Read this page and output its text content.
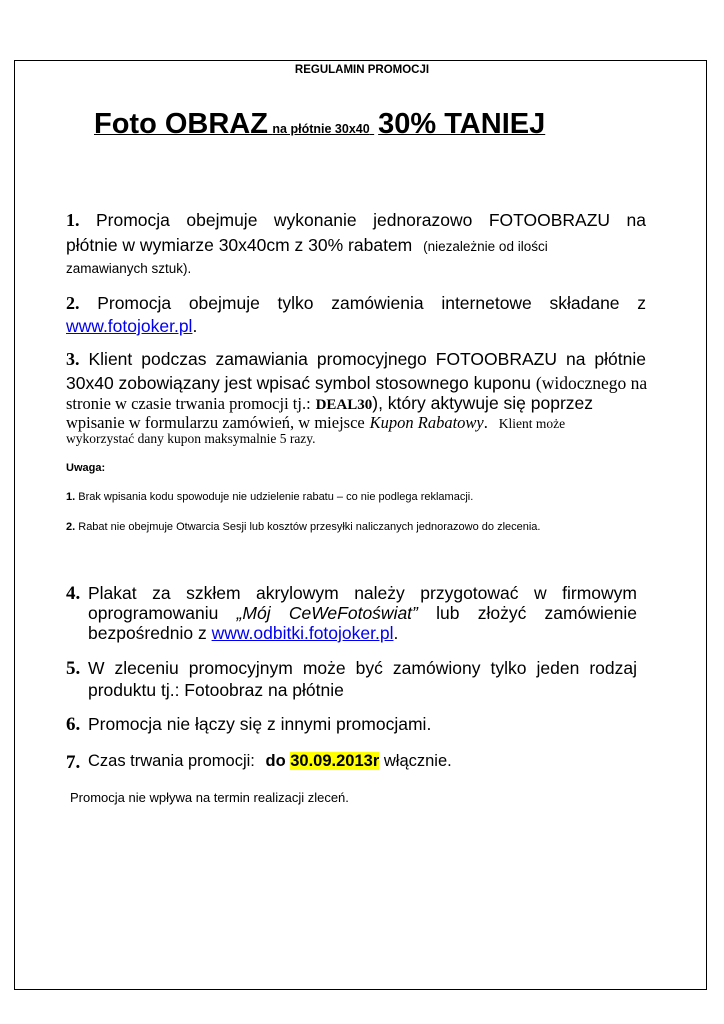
REGULAMIN PROMOCJI
Foto OBRAZ na płótnie 30x40 30% TANIEJ
1. Promocja obejmuje wykonanie jednorazowo FOTOOBRAZU na
płótnie w wymiarze 30x40cm z 30% rabatem (niezależnie od ilości
zamawianych sztuk).
2. Promocja obejmuje tylko zamówienia internetowe składane z
www.fotojoker.pl.
3. Klient podczas zamawiania promocyjnego FOTOOBRAZU na płótnie
30x40 zobowiązany jest wpisać symbol stosownego kuponu (widocznego na
stronie w czasie trwania promocji tj.: DEAL30), który aktywuje się poprzez
wpisanie w formularzu zamówień, w miejsce Kupon Rabatowy. Klient może
wykorzystać dany kupon maksymalnie 5 razy.
Uwaga:
1. Brak wpisania kodu spowoduje nie udzielenie rabatu – co nie podlega reklamacji.
2. Rabat nie obejmuje Otwarcia Sesji lub kosztów przesyłki naliczanych jednorazowo do zlecenia.
4. Plakat za szkłem akrylowym należy przygotować w firmowym
oprogramowaniu „Mój CeWeFotoświat” lub złożyć zamówienie
bezpośrednio z www.odbitki.fotojoker.pl.
5. W zleceniu promocyjnym może być zamówiony tylko jeden rodzaj
produktu tj.: Fotoobraz na płótnie
6. Promocja nie łączy się z innymi promocjami.
7. Czas trwania promocji: do 30.09.2013r włącznie.
Promocja nie wpływa na termin realizacji zleceń.
